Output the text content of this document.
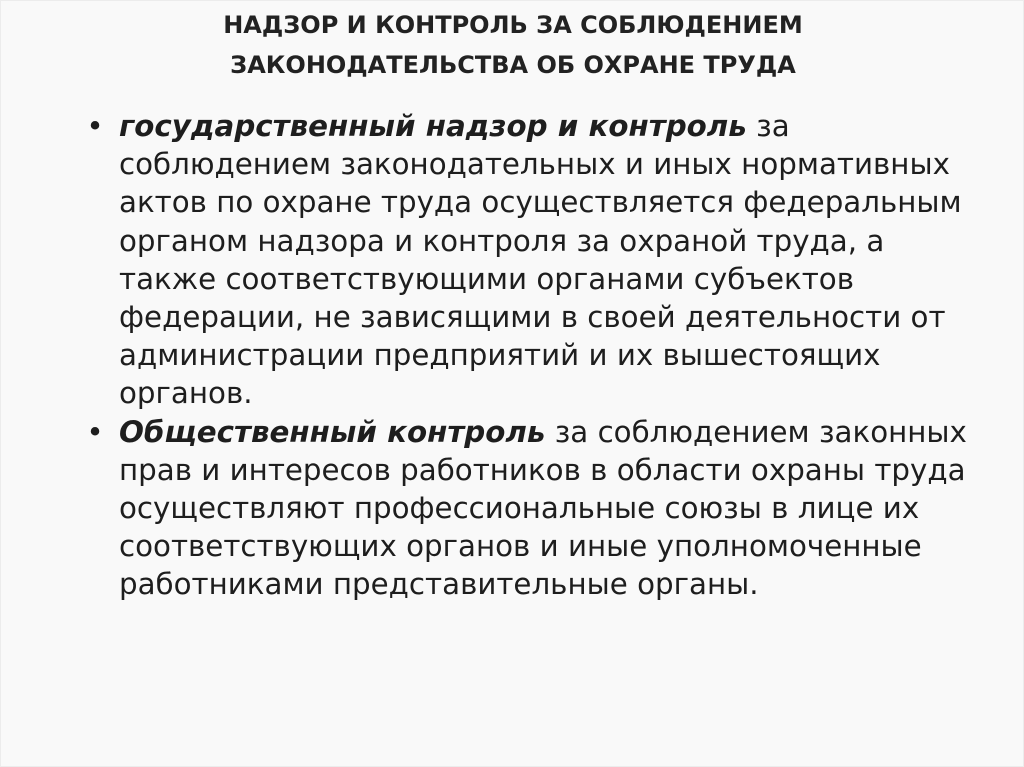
НАДЗОР И КОНТРОЛЬ ЗА СОБЛЮДЕНИЕМ
ЗАКОНОДАТЕЛЬСТВА ОБ ОХРАНЕ ТРУДА
• государственный надзор и контроль за соблюдением законодательных и иных нормативных актов по охране труда осуществляется федеральным органом надзора и контроля за охраной труда, а также соответствующими органами субъектов федерации, не зависящими в своей деятельности от администрации предприятий и их вышестоящих органов.
• Общественный контроль за соблюдением законных прав и интересов работников в области охраны труда осуществляют профессиональные союзы в лице их соответствующих органов и иные уполномоченные работниками представительные органы.
